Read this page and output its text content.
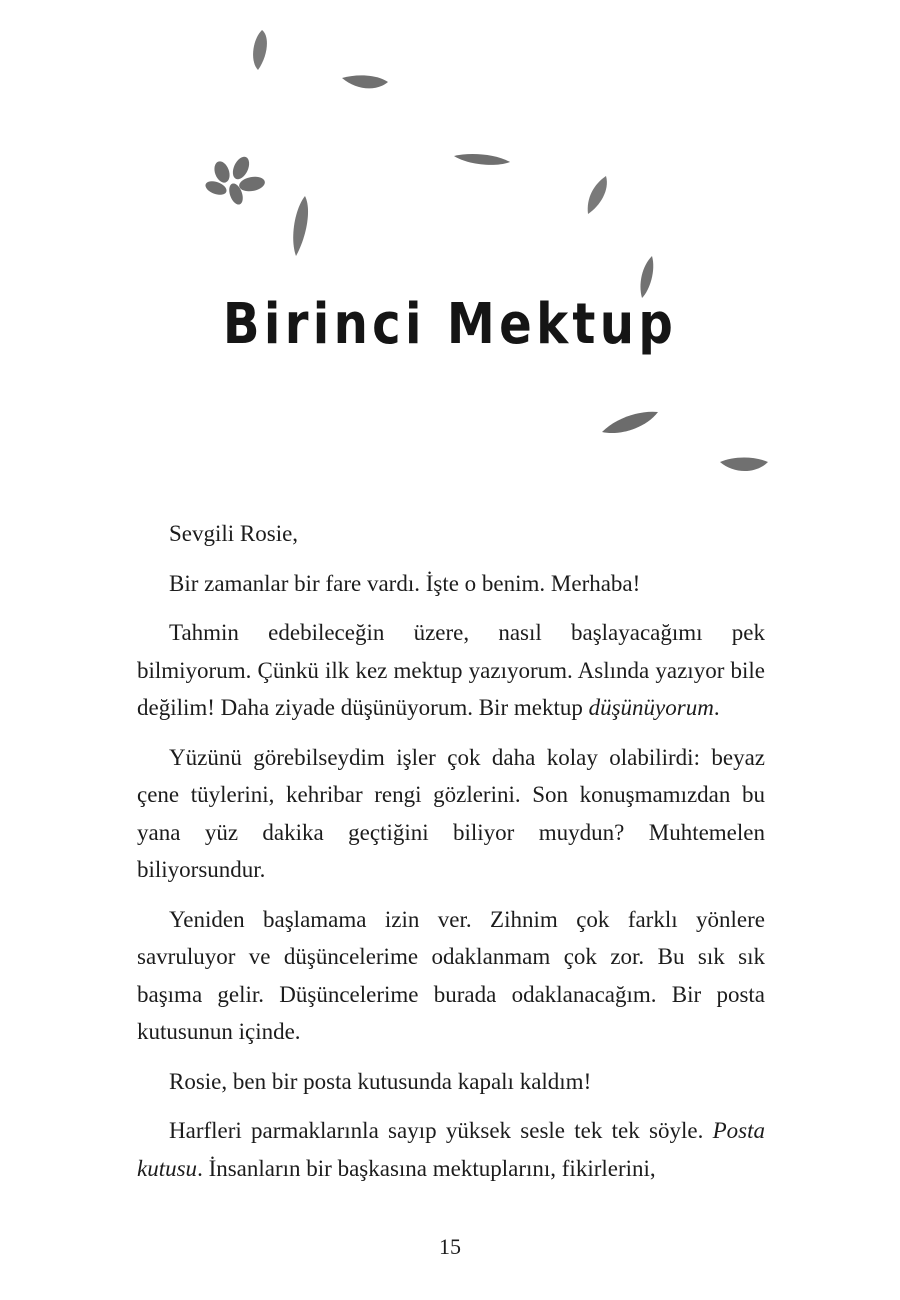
Birinci Mektup

Sevgili Rosie,

Bir zamanlar bir fare vardı. İşte o benim. Merhaba!

Tahmin edebileceğin üzere, nasıl başlayacağımı pek bilmiyorum. Çünkü ilk kez mektup yazıyorum. Aslında yazıyor bile değilim! Daha ziyade düşünüyorum. Bir mektup düşünüyorum.

Yüzünü görebilseydim işler çok daha kolay olabilirdi: beyaz çene tüylerini, kehribar rengi gözlerini. Son konuşmamızdan bu yana yüz dakika geçtiğini biliyor muydun? Muhtemelen biliyorsundur.

Yeniden başlamama izin ver. Zihnim çok farklı yönlere savruluyor ve düşüncelerime odaklanmam çok zor. Bu sık sık başıma gelir. Düşüncelerime burada odaklanacağım. Bir posta kutusunun içinde.

Rosie, ben bir posta kutusunda kapalı kaldım!

Harfleri parmaklarınla sayıp yüksek sesle tek tek söyle. Posta kutusu. İnsanların bir başkasına mektuplarını, fikirlerini,

15
